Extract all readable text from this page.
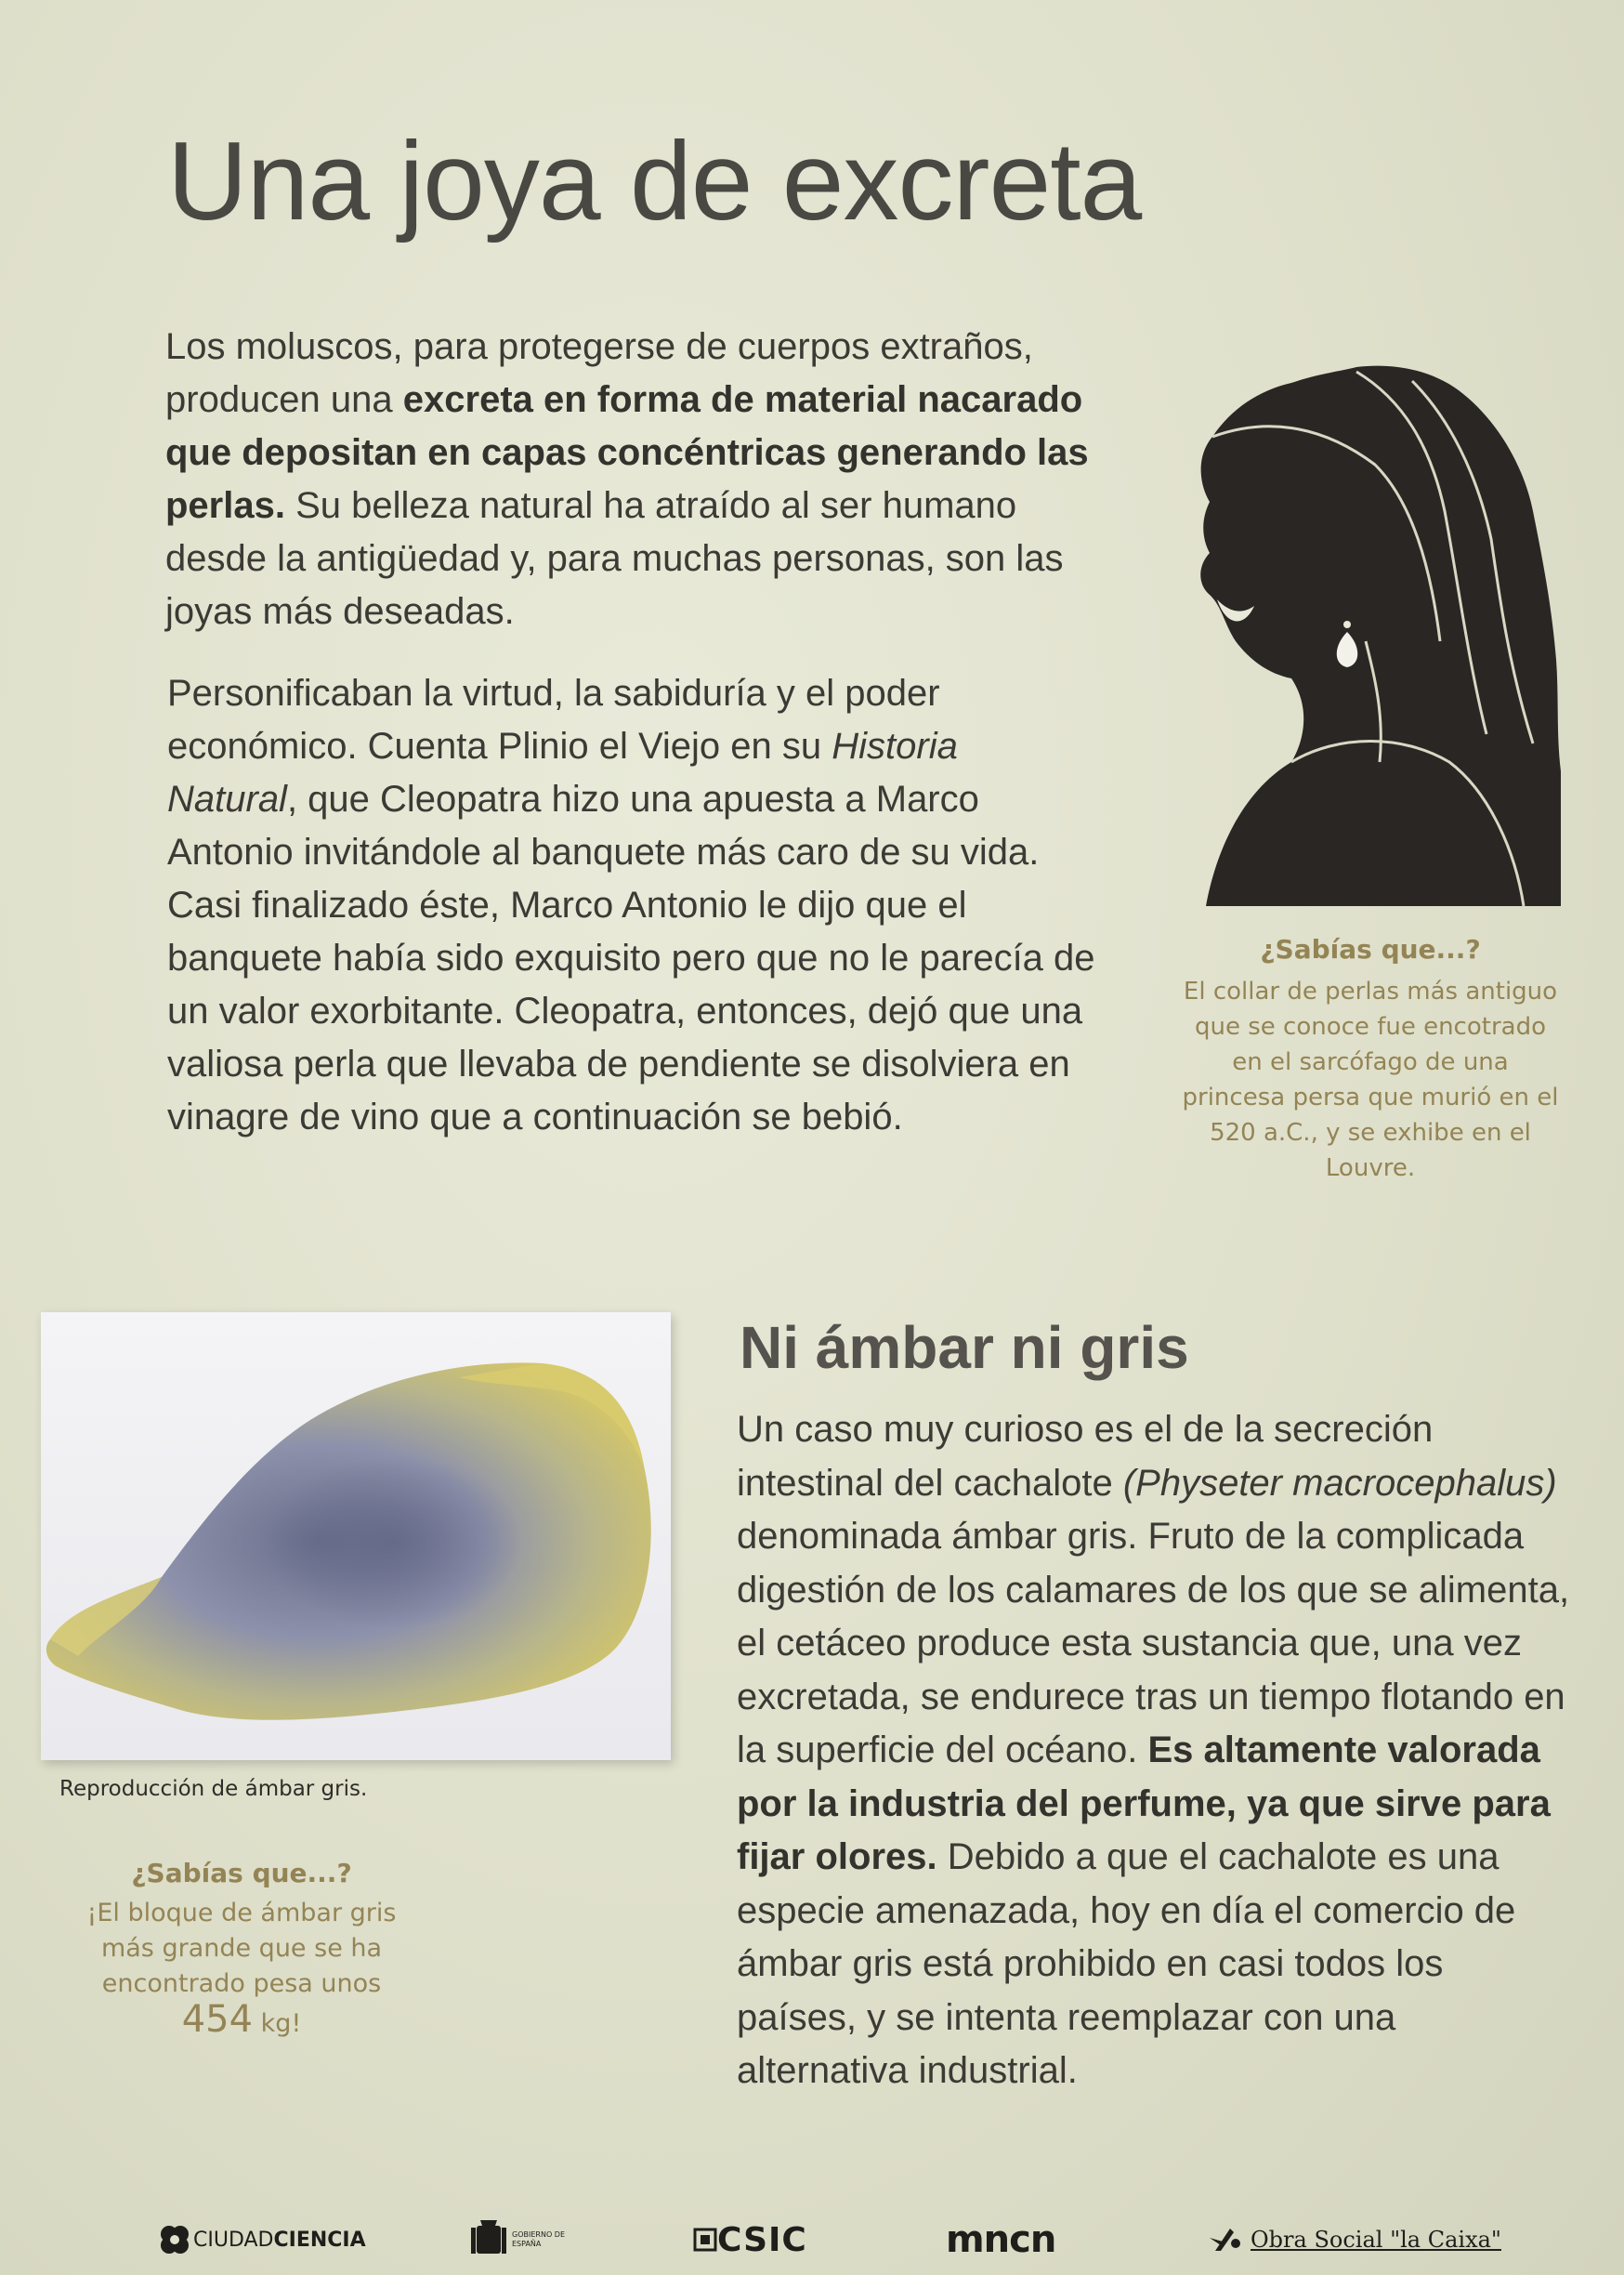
Una joya de excreta

Los moluscos, para protegerse de cuerpos extraños, producen una excreta en forma de material nacarado que depositan en capas concéntricas generando las perlas. Su belleza natural ha atraído al ser humano desde la antigüedad y, para muchas personas, son las joyas más deseadas.

Personificaban la virtud, la sabiduría y el poder económico. Cuenta Plinio el Viejo en su Historia Natural, que Cleopatra hizo una apuesta a Marco Antonio invitándole al banquete más caro de su vida. Casi finalizado éste, Marco Antonio le dijo que el banquete había sido exquisito pero que no le parecía de un valor exorbitante. Cleopatra, entonces, dejó que una valiosa perla que llevaba de pendiente se disolviera en vinagre de vino que a continuación se bebió.

¿Sabías que...?

El collar de perlas más antiguo que se conoce fue encotrado en el sarcófago de una princesa persa que murió en el 520 a.C., y se exhibe en el Louvre.

Reproducción de ámbar gris.

¿Sabías que...?

¡El bloque de ámbar gris más grande que se ha encontrado pesa unos
454 kg!

Ni ámbar ni gris

Un caso muy curioso es el de la secreción intestinal del cachalote (Physeter macrocephalus) denominada ámbar gris. Fruto de la complicada digestión de los calamares de los que se alimenta, el cetáceo produce esta sustancia que, una vez excretada, se endurece tras un tiempo flotando en la superficie del océano. Es altamente valorada por la industria del perfume, ya que sirve para fijar olores. Debido a que el cachalote es una especie amenazada, hoy en día el comercio de ámbar gris está prohibido en casi todos los países, y se intenta reemplazar con una alternativa industrial.

CIUDAD CIENCIA	GOBIERNO DE ESPAÑA	CSIC	mncn	Obra Social "la Caixa"
